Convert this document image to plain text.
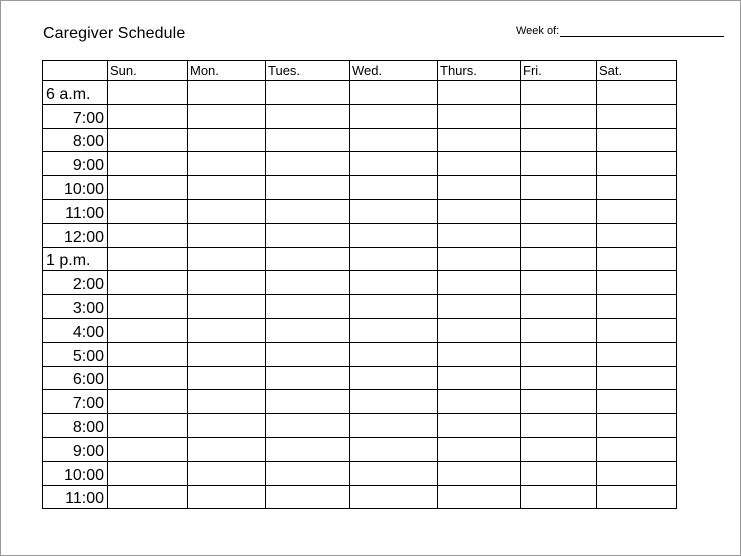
Caregiver Schedule	Week of:
	Sun.	Mon.	Tues.	Wed.	Thurs.	Fri.	Sat.
6 a.m.							
7:00							
8:00							
9:00							
10:00							
11:00							
12:00							
1 p.m.							
2:00							
3:00							
4:00							
5:00							
6:00							
7:00							
8:00							
9:00							
10:00							
11:00							
